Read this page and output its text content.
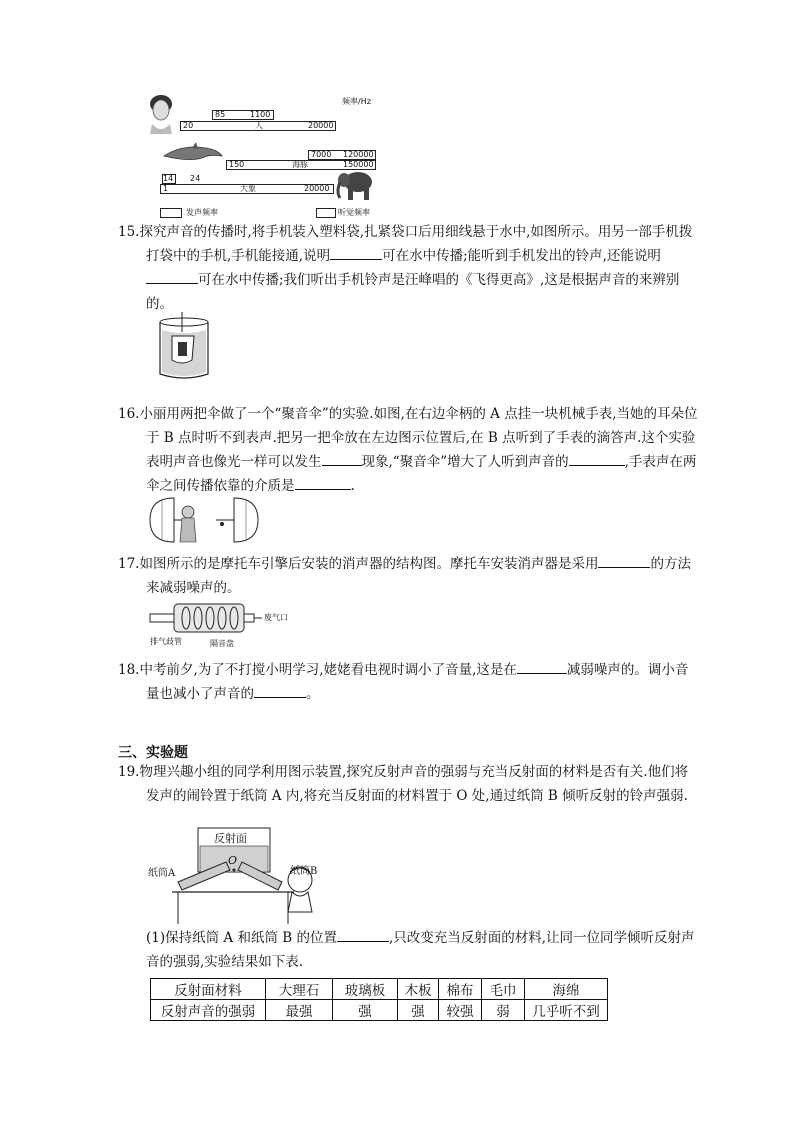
频率/Hz
85	1100
20	人	20000
7000 120000
150	海豚	150000
14 24
1	大象	20000
发声频率	听觉频率
15.探究声音的传播时,将手机装入塑料袋,扎紧袋口后用细线悬于水中,如图所示。用另一部手机拨打袋中的手机,手机能接通,说明	可在水中传播;能听到手机发出的铃声,还能说明可在水中传播;我们听出手机铃声是汪峰唱的《飞得更高》,这是根据声音的来辨别的。
16.小丽用两把伞做了一个“聚音伞”的实验.如图,在右边伞柄的 A 点挂一块机械手表,当她的耳朵位于 B 点时听不到表声.把另一把伞放在左边图示位置后,在 B 点听到了手表的滴答声.这个实验表明声音也像光一样可以发生	现象,“聚音伞”增大了人听到声音的	,手表声在两伞之间传播依靠的介质是	.
17.如图所示的是摩托车引擎后安装的消声器的结构图。摩托车安装消声器是采用	的方法来减弱噪声的。
废气口
排气歧管	隔音盘
18.中考前夕,为了不打搅小明学习,姥姥看电视时调小了音量,这是在	减弱噪声的。调小音量也减小了声音的	。
三、实验题
19.物理兴趣小组的同学利用图示装置,探究反射声音的强弱与充当反射面的材料是否有关.他们将发声的闹铃置于纸筒 A 内,将充当反射面的材料置于 O 处,通过纸筒 B 倾听反射的铃声强弱.
反射面
O
纸筒A	纸筒B
(1)保持纸筒 A 和纸筒 B 的位置	,只改变充当反射面的材料,让同一位同学倾听反射声音的强弱,实验结果如下表.
反射面材料	大理石	玻璃板	木板	棉布	毛巾	海绵
反射声音的强弱	最强	强	强	较强	弱	几乎听不到
